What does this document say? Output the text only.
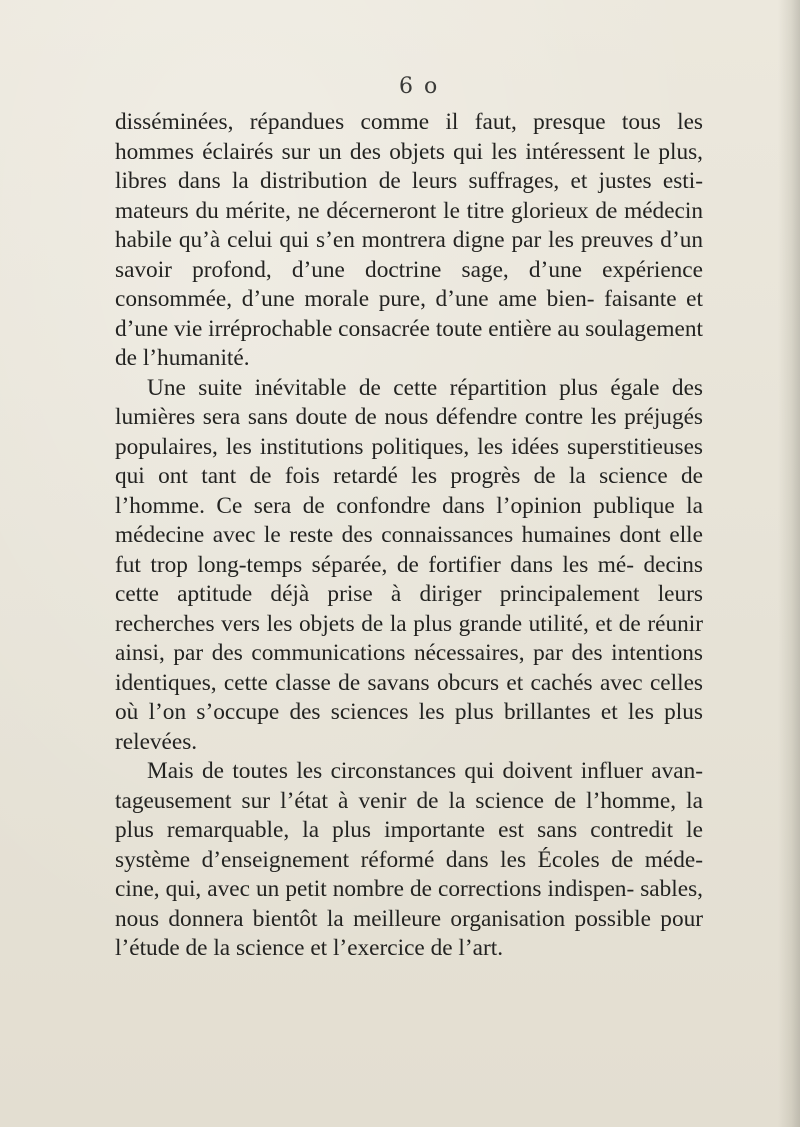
6 o

disséminées, répandues comme il faut, presque tous les hommes éclairés sur un des objets qui les intéressent le plus, libres dans la distribution de leurs suffrages, et justes esti- mateurs du mérite, ne décerneront le titre glorieux de médecin habile qu’à celui qui s’en montrera digne par les preuves d’un savoir profond, d’une doctrine sage, d’une expérience consommée, d’une morale pure, d’une ame bien- faisante et d’une vie irréprochable consacrée toute entière au soulagement de l’humanité.

Une suite inévitable de cette répartition plus égale des lumières sera sans doute de nous défendre contre les préjugés populaires, les institutions politiques, les idées superstitieuses qui ont tant de fois retardé les progrès de la science de l’homme. Ce sera de confondre dans l’opinion publique la médecine avec le reste des connaissances humaines dont elle fut trop long-temps séparée, de fortifier dans les mé- decins cette aptitude déjà prise à diriger principalement leurs recherches vers les objets de la plus grande utilité, et de réunir ainsi, par des communications nécessaires, par des intentions identiques, cette classe de savans obcurs et cachés avec celles où l’on s’occupe des sciences les plus brillantes et les plus relevées.

Mais de toutes les circonstances qui doivent influer avan- tageusement sur l’état à venir de la science de l’homme, la plus remarquable, la plus importante est sans contredit le système d’enseignement réformé dans les Écoles de méde- cine, qui, avec un petit nombre de corrections indispen- sables, nous donnera bientôt la meilleure organisation possible pour l’étude de la science et l’exercice de l’art.
